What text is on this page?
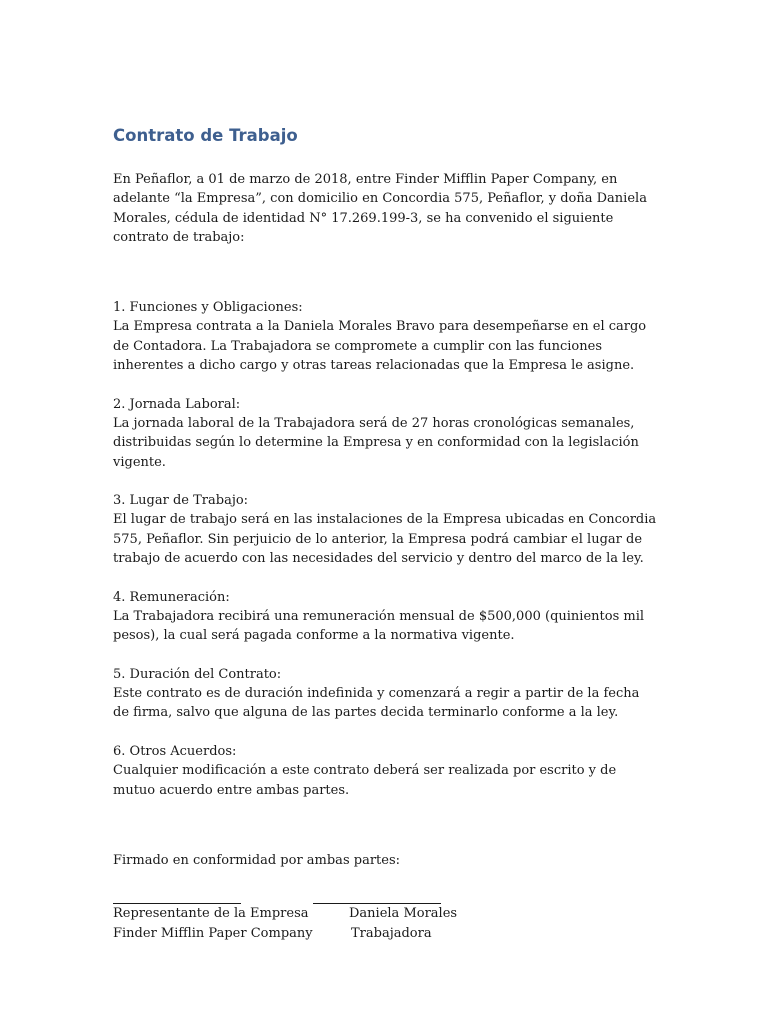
Contrato de Trabajo

En Peñaflor, a 01 de marzo de 2018, entre Finder Mifflin Paper Company, en adelante “la Empresa”, con domicilio en Concordia 575, Peñaflor, y doña Daniela Morales, cédula de identidad N° 17.269.199-3, se ha convenido el siguiente contrato de trabajo:

1. Funciones y Obligaciones:

La Empresa contrata a la Daniela Morales Bravo para desempeñarse en el cargo de Contadora. La Trabajadora se compromete a cumplir con las funciones inherentes a dicho cargo y otras tareas relacionadas que la Empresa le asigne.

2. Jornada Laboral:

La jornada laboral de la Trabajadora será de 27 horas cronológicas semanales, distribuidas según lo determine la Empresa y en conformidad con la legislación vigente.

3. Lugar de Trabajo:

El lugar de trabajo será en las instalaciones de la Empresa ubicadas en Concordia 575, Peñaflor. Sin perjuicio de lo anterior, la Empresa podrá cambiar el lugar de trabajo de acuerdo con las necesidades del servicio y dentro del marco de la ley.

4. Remuneración:

La Trabajadora recibirá una remuneración mensual de $500,000 (quinientos mil pesos), la cual será pagada conforme a la normativa vigente.

5. Duración del Contrato:

Este contrato es de duración indefinida y comenzará a regir a partir de la fecha de firma, salvo que alguna de las partes decida terminarlo conforme a la ley.

6. Otros Acuerdos:

Cualquier modificación a este contrato deberá ser realizada por escrito y de mutuo acuerdo entre ambas partes.

Firmado en conformidad por ambas partes:

Representante de la Empresa
Finder Mifflin Paper Company
Daniela Morales
Trabajadora
